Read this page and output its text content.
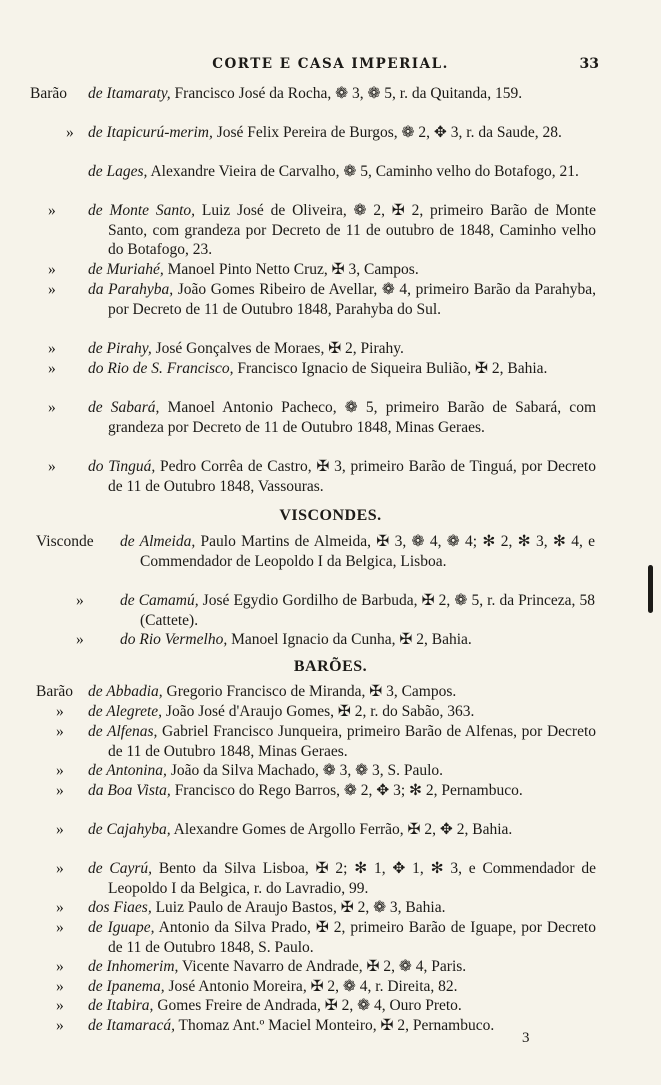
CORTE E CASA IMPERIAL.	33
Barão de Itamaraty, Francisco José da Rocha, ❁ 3, ❁ 5, r. da Quitanda, 159.
» de Itapicurú-merim, José Felix Pereira de Burgos, ❁ 2, ✥ 3, r. da Saude, 28.
de Lages, Alexandre Vieira de Carvalho, ❁ 5, Caminho velho do Botafogo, 21.
» de Monte Santo, Luiz José de Oliveira, ❁ 2, ✠ 2, primeiro Barão de Monte Santo, com grandeza por Decreto de 11 de outubro de 1848, Caminho velho do Botafogo, 23.
» de Muriahé, Manoel Pinto Netto Cruz, ✠ 3, Campos.
» da Parahyba, João Gomes Ribeiro de Avellar, ❁ 4, primeiro Barão da Parahyba, por Decreto de 11 de Outubro 1848, Parahyba do Sul.
» de Pirahy, José Gonçalves de Moraes, ✠ 2, Pirahy.
» do Rio de S. Francisco, Francisco Ignacio de Siqueira Bulião, ✠ 2, Bahia.
» de Sabará, Manoel Antonio Pacheco, ❁ 5, primeiro Barão de Sabará, com grandeza por Decreto de 11 de Outubro 1848, Minas Geraes.
» do Tinguá, Pedro Corrêa de Castro, ✠ 3, primeiro Barão de Tinguá, por Decreto de 11 de Outubro 1848, Vassouras.
VISCONDES.
Visconde de Almeida, Paulo Martins de Almeida, ✠ 3, ❁ 4, ❁ 4; ✻ 2, ✻ 3, ✻ 4, e Commendador de Leopoldo I da Belgica, Lisboa.
» de Camamú, José Egydio Gordilho de Barbuda, ✠ 2, ❁ 5, r. da Princeza, 58 (Cattete).
» do Rio Vermelho, Manoel Ignacio da Cunha, ✠ 2, Bahia.
BARÕES.
Barão de Abbadia, Gregorio Francisco de Miranda, ✠ 3, Campos.
» de Alegrete, João José d'Araujo Gomes, ✠ 2, r. do Sabão, 363.
» de Alfenas, Gabriel Francisco Junqueira, primeiro Barão de Alfenas, por Decreto de 11 de Outubro 1848, Minas Geraes.
» de Antonina, João da Silva Machado, ❁ 3, ❁ 3, S. Paulo.
» da Boa Vista, Francisco do Rego Barros, ❁ 2, ✥ 3; ✻ 2, Pernambuco.
» de Cajahyba, Alexandre Gomes de Argollo Ferrão, ✠ 2, ✥ 2, Bahia.
» de Cayrú, Bento da Silva Lisboa, ✠ 2; ✻ 1, ✥ 1, ✻ 3, e Commendador de Leopoldo I da Belgica, r. do Lavradio, 99.
» dos Fiaes, Luiz Paulo de Araujo Bastos, ✠ 2, ❁ 3, Bahia.
» de Iguape, Antonio da Silva Prado, ✠ 2, primeiro Barão de Iguape, por Decreto de 11 de Outubro 1848, S. Paulo.
» de Inhomerim, Vicente Navarro de Andrade, ✠ 2, ❁ 4, Paris.
» de Ipanema, José Antonio Moreira, ✠ 2, ❁ 4, r. Direita, 82.
» de Itabira, Gomes Freire de Andrada, ✠ 2, ❁ 4, Ouro Preto.
» de Itamaracá, Thomaz Ant.º Maciel Monteiro, ✠ 2, Pernambuco.
3
